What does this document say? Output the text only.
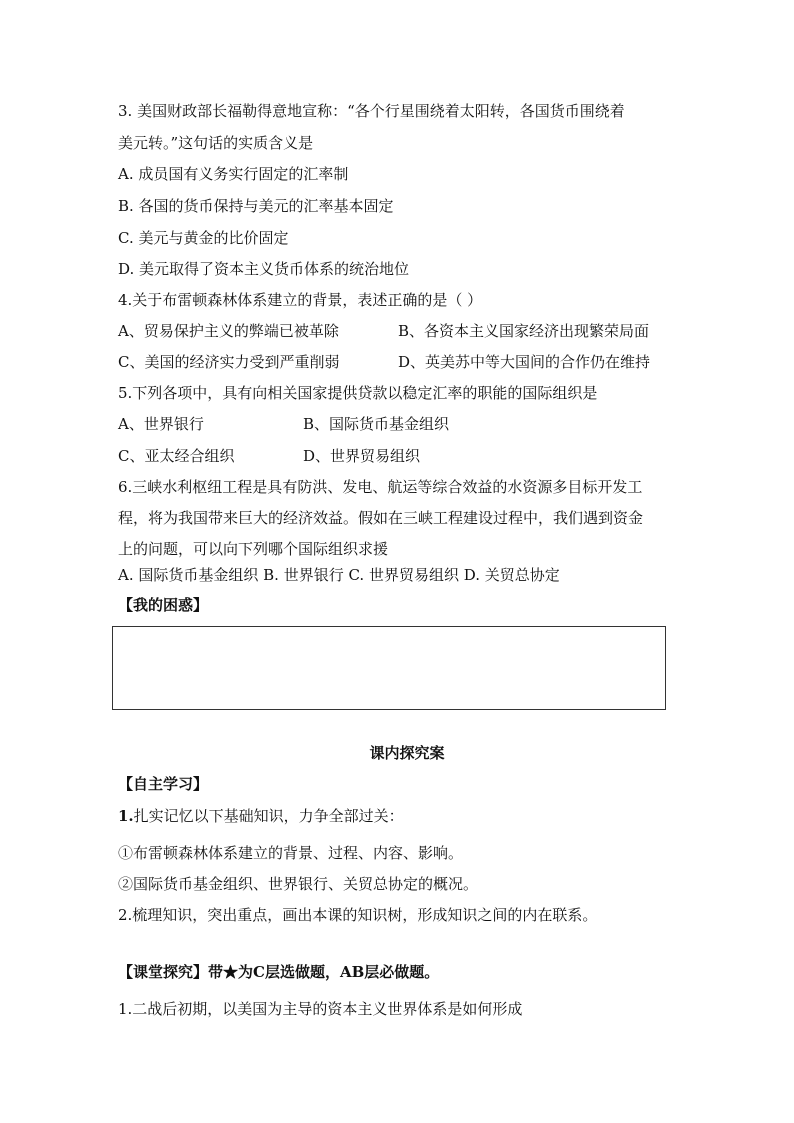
3. 美国财政部长福勒得意地宣称：“各个行星围绕着太阳转，各国货币围绕着
美元转。”这句话的实质含义是
A. 成员国有义务实行固定的汇率制
B. 各国的货币保持与美元的汇率基本固定
C. 美元与黄金的比价固定
D. 美元取得了资本主义货币体系的统治地位
4.关于布雷顿森林体系建立的背景，表述正确的是（ ）
A、贸易保护主义的弊端已被革除	B、各资本主义国家经济出现繁荣局面
C、美国的经济实力受到严重削弱	D、英美苏中等大国间的合作仍在维持
5.下列各项中，具有向相关国家提供贷款以稳定汇率的职能的国际组织是
A、世界银行	B、国际货币基金组织
C、亚太经合组织	D、世界贸易组织
6.三峡水利枢纽工程是具有防洪、发电、航运等综合效益的水资源多目标开发工
程，将为我国带来巨大的经济效益。假如在三峡工程建设过程中，我们遇到资金
上的问题，可以向下列哪个国际组织求援
A. 国际货币基金组织 B. 世界银行 C. 世界贸易组织 D. 关贸总协定
【我的困惑】
课内探究案
【自主学习】
1.扎实记忆以下基础知识，力争全部过关：
①布雷顿森林体系建立的背景、过程、内容、影响。
②国际货币基金组织、世界银行、关贸总协定的概况。
2.梳理知识，突出重点，画出本课的知识树，形成知识之间的内在联系。
【课堂探究】带★为C层选做题，AB层必做题。
1.二战后初期，以美国为主导的资本主义世界体系是如何形成
